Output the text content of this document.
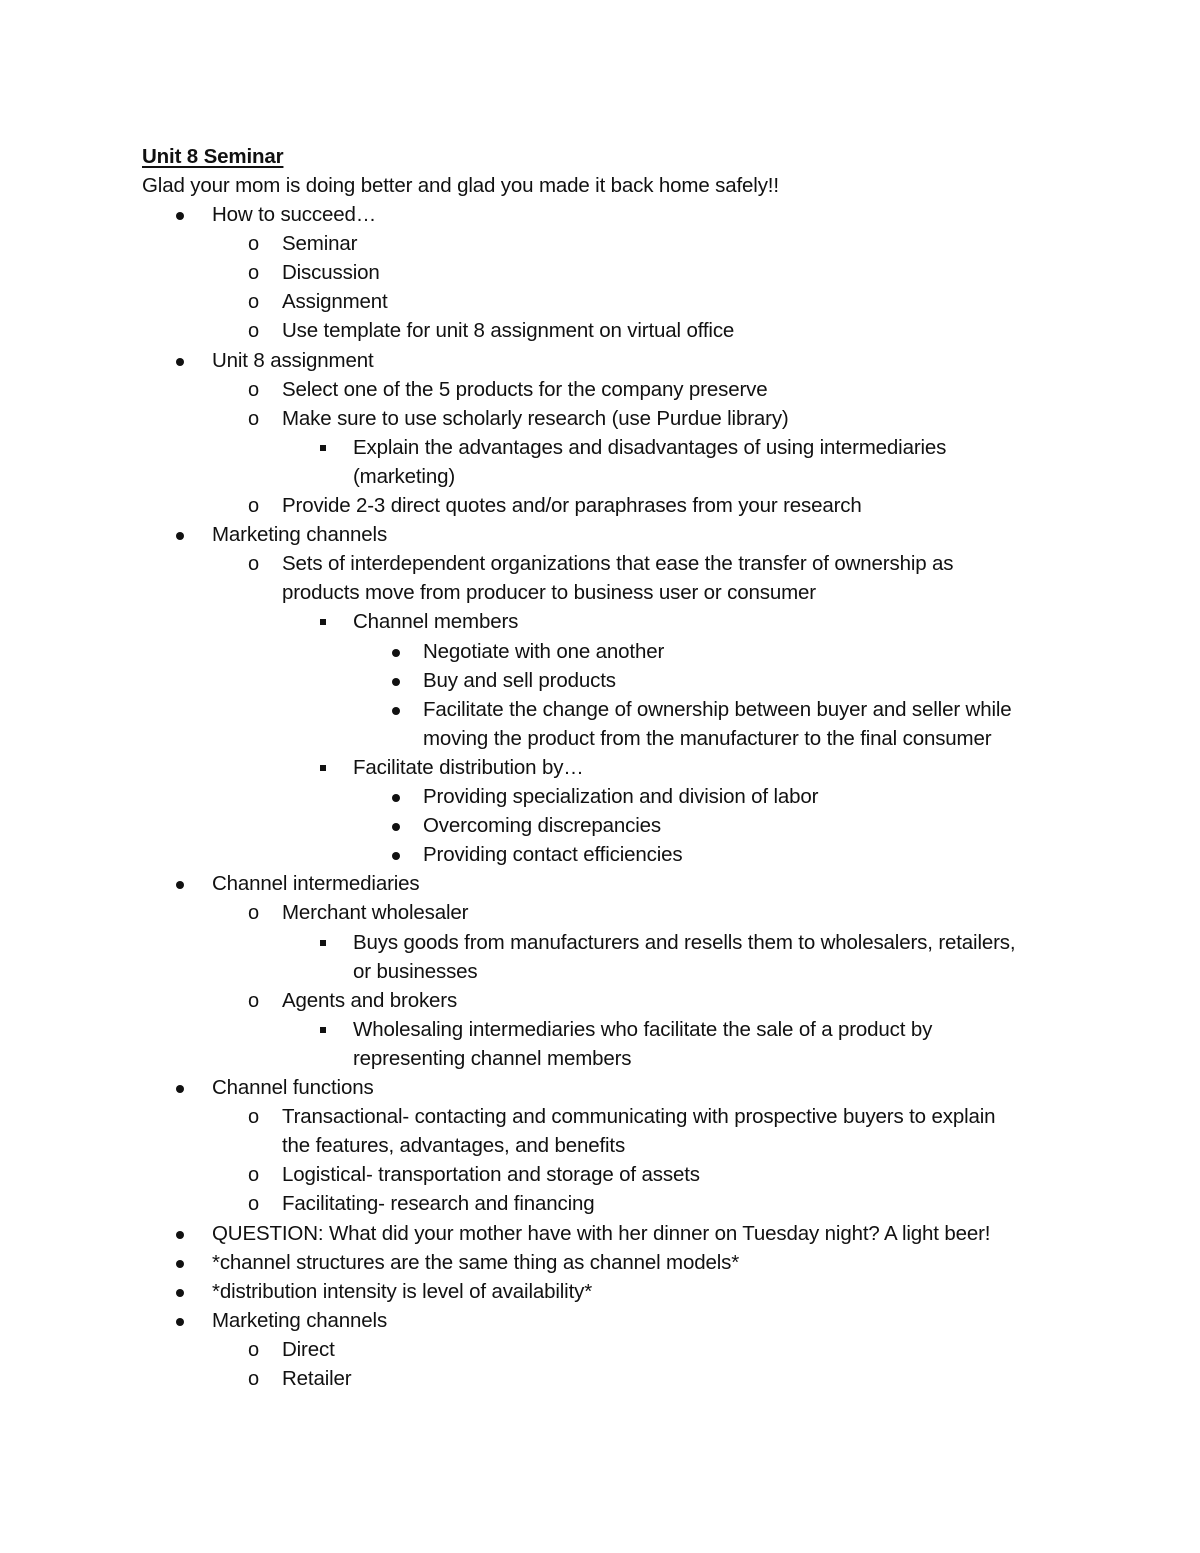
Unit 8 Seminar
Glad your mom is doing better and glad you made it back home safely!!
How to succeed…
o Seminar
o Discussion
o Assignment
o Use template for unit 8 assignment on virtual office
Unit 8 assignment
o Select one of the 5 products for the company preserve
o Make sure to use scholarly research (use Purdue library)
Explain the advantages and disadvantages of using intermediaries
(marketing)
o Provide 2-3 direct quotes and/or paraphrases from your research
Marketing channels
o Sets of interdependent organizations that ease the transfer of ownership as
products move from producer to business user or consumer
Channel members
Negotiate with one another
Buy and sell products
Facilitate the change of ownership between buyer and seller while
moving the product from the manufacturer to the final consumer
Facilitate distribution by…
Providing specialization and division of labor
Overcoming discrepancies
Providing contact efficiencies
Channel intermediaries
o Merchant wholesaler
Buys goods from manufacturers and resells them to wholesalers, retailers,
or businesses
o Agents and brokers
Wholesaling intermediaries who facilitate the sale of a product by
representing channel members
Channel functions
o Transactional- contacting and communicating with prospective buyers to explain
the features, advantages, and benefits
o Logistical- transportation and storage of assets
o Facilitating- research and financing
QUESTION: What did your mother have with her dinner on Tuesday night? A light beer!
*channel structures are the same thing as channel models*
*distribution intensity is level of availability*
Marketing channels
o Direct
o Retailer
